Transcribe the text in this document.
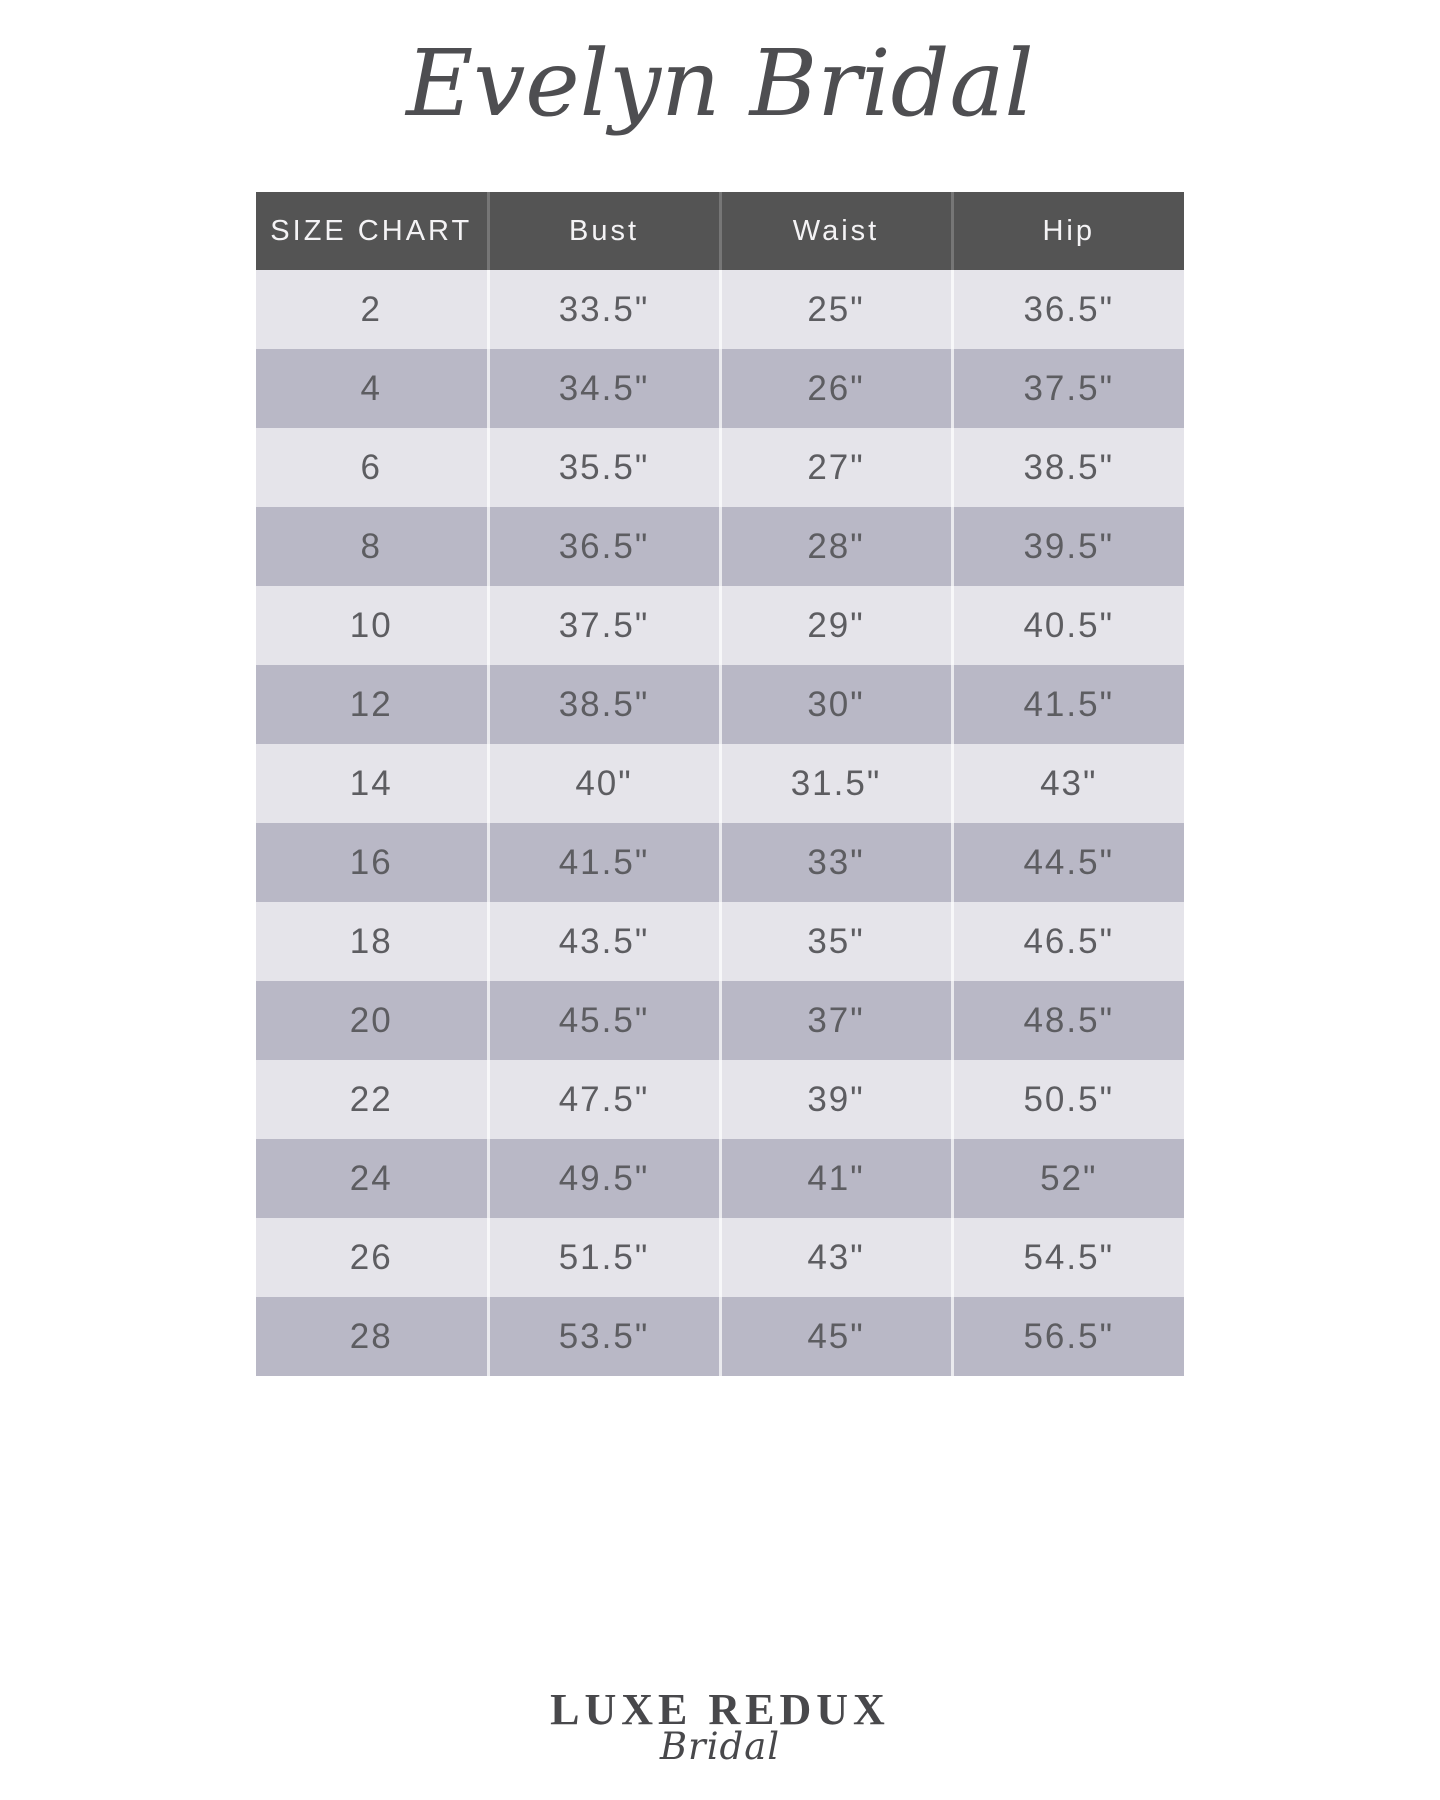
Evelyn Bridal
SIZE CHART	Bust	Waist	Hip
2	33.5"	25"	36.5"
4	34.5"	26"	37.5"
6	35.5"	27"	38.5"
8	36.5"	28"	39.5"
10	37.5"	29"	40.5"
12	38.5"	30"	41.5"
14	40"	31.5"	43"
16	41.5"	33"	44.5"
18	43.5"	35"	46.5"
20	45.5"	37"	48.5"
22	47.5"	39"	50.5"
24	49.5"	41"	52"
26	51.5"	43"	54.5"
28	53.5"	45"	56.5"
LUXE REDUX
Bridal
